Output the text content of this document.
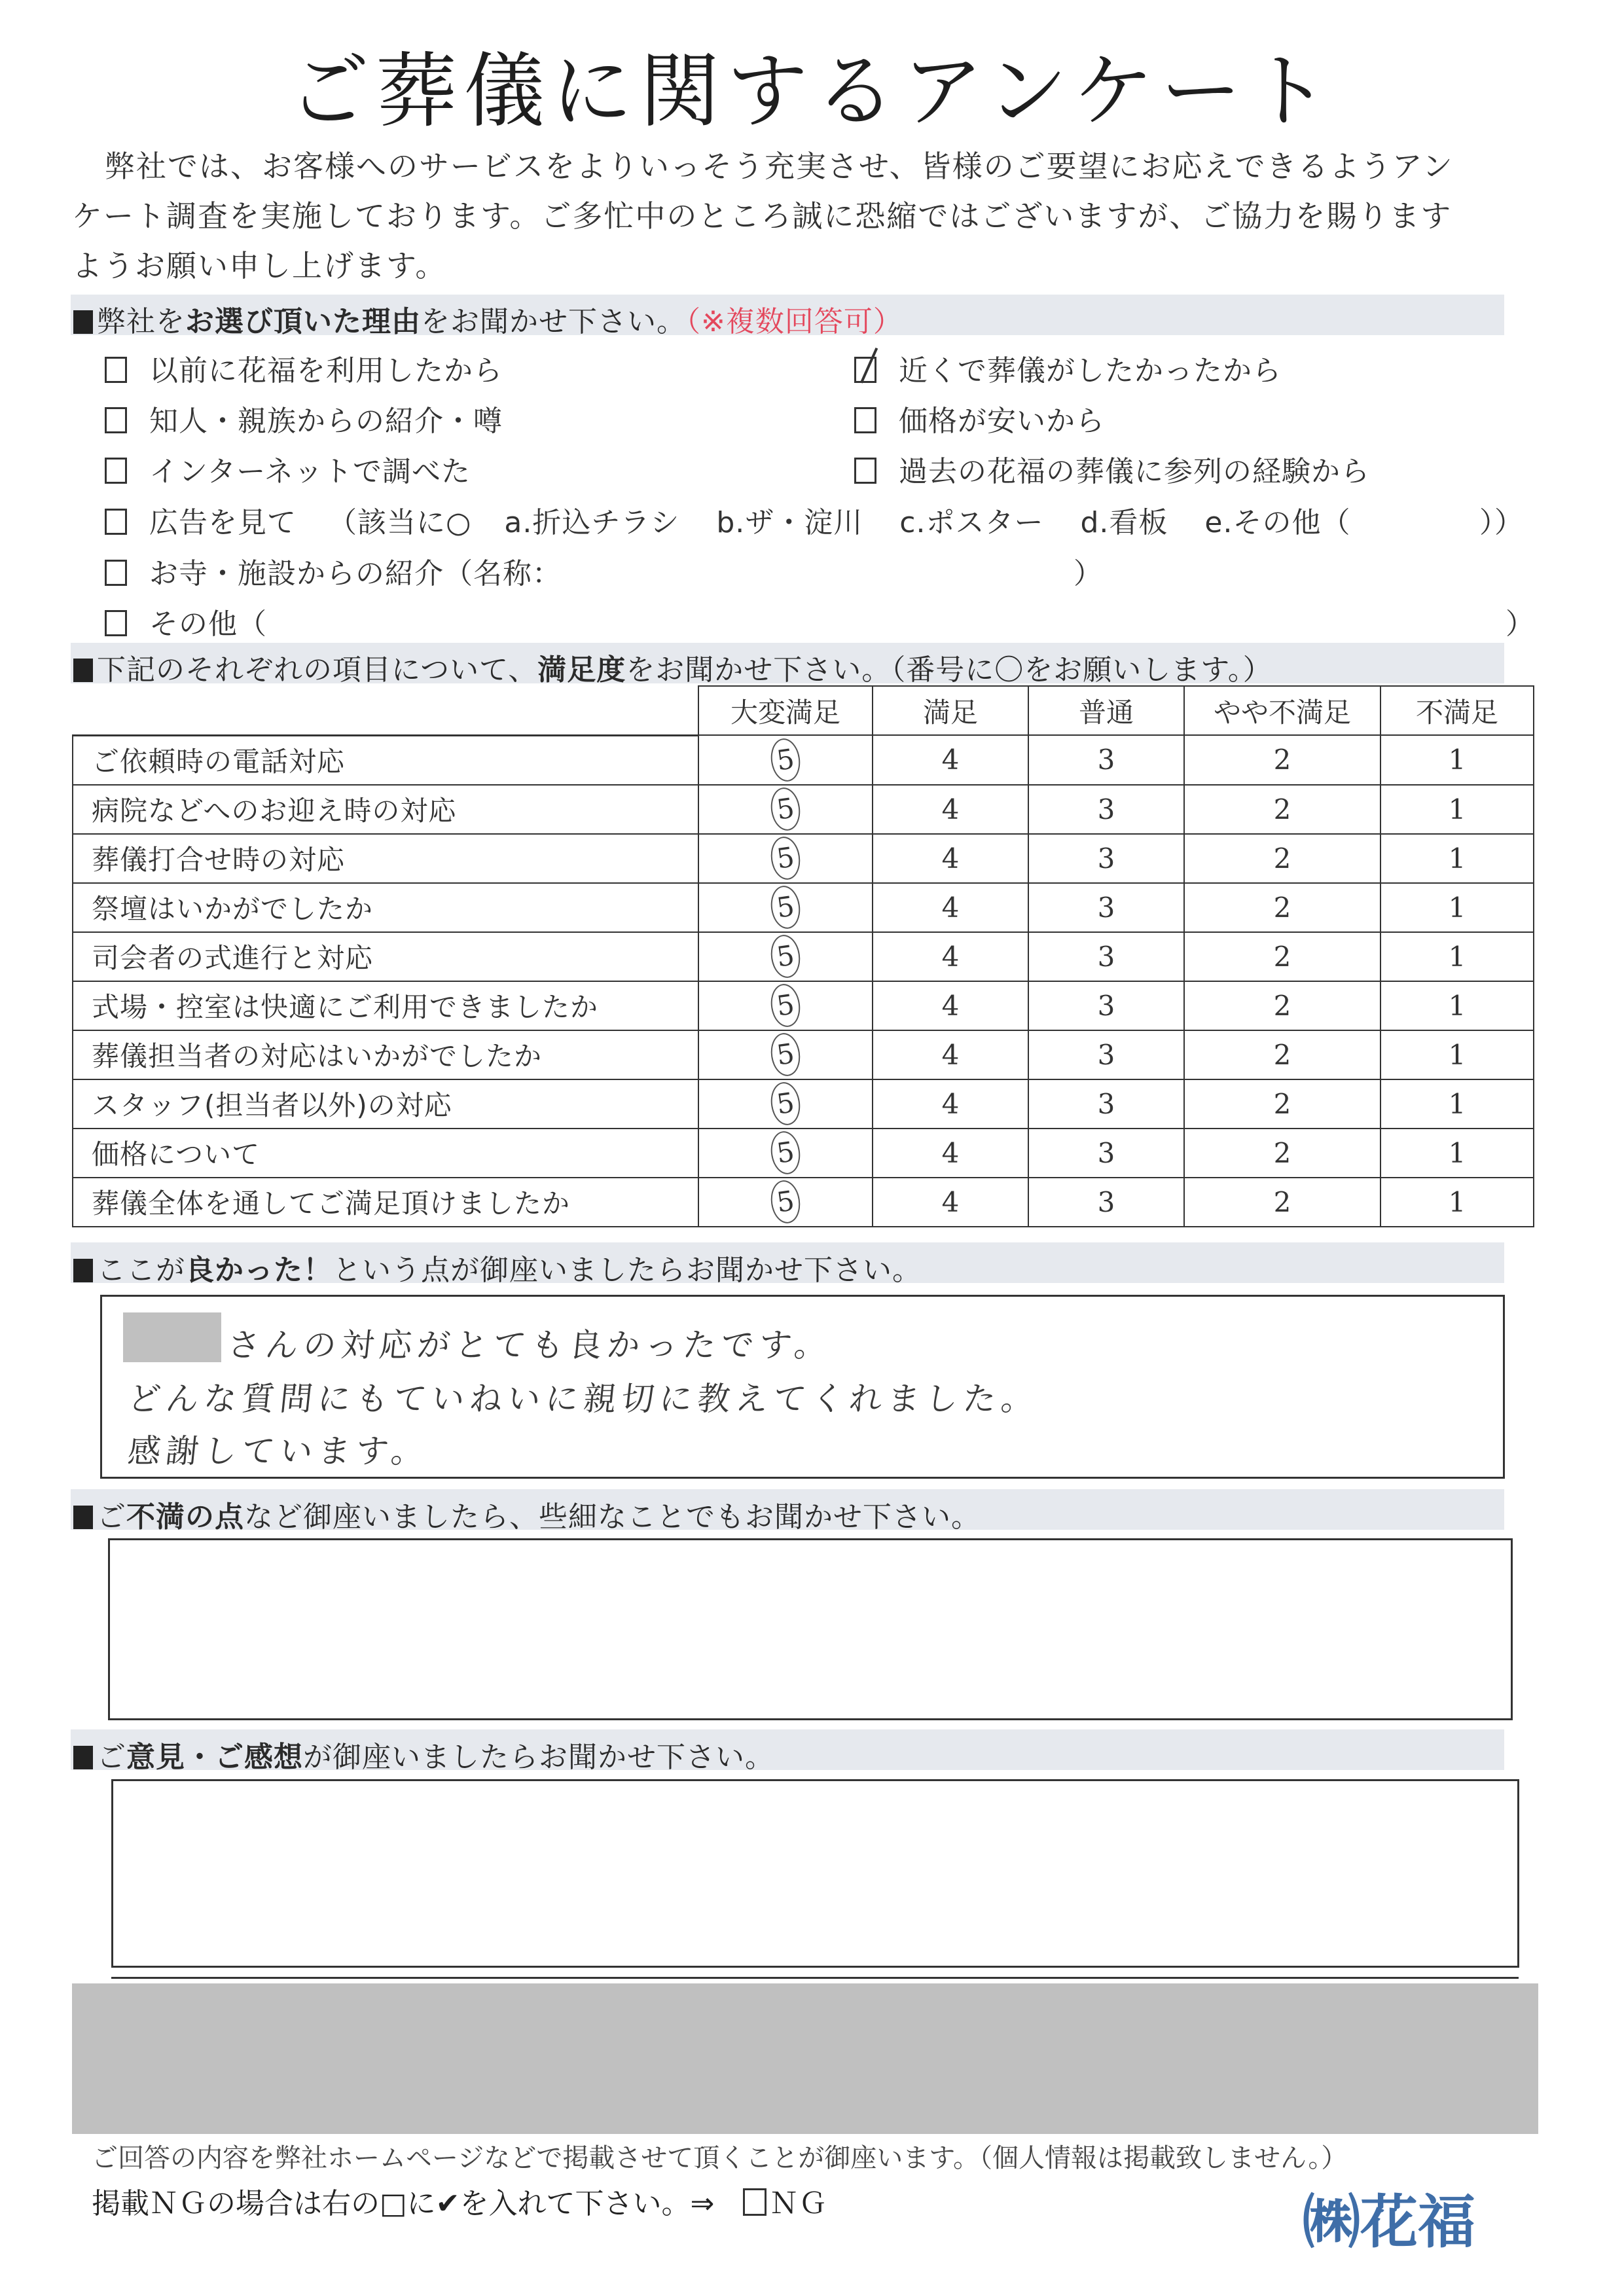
ご葬儀に関するアンケート
弊社では、お客様へのサービスをよりいっそう充実させ、皆様のご要望にお応えできるようアン
ケート調査を実施しております。ご多忙中のところ誠に恐縮ではございますが、ご協力を賜ります
ようお願い申し上げます。
弊社をお選び頂いた理由をお聞かせ下さい。（※複数回答可）
以前に花福を利用したから
知人・親族からの紹介・噂
インターネットで調べた
近くで葬儀がしたかったから
価格が安いから
過去の花福の葬儀に参列の経験から
広告を見て （該当に○ a.折込チラシ b.ザ・淀川 c.ポスター d.看板 e.その他（	））
お寺・施設からの紹介（名称：	）
その他（	）
下記のそれぞれの項目について、満足度をお聞かせ下さい。（番号に〇をお願いします。）
	大変満足	満足	普通	やや不満足	不満足
ご依頼時の電話対応	5	4	3	2	1
病院などへのお迎え時の対応	5	4	3	2	1
葬儀打合せ時の対応	5	4	3	2	1
祭壇はいかがでしたか	5	4	3	2	1
司会者の式進行と対応	5	4	3	2	1
式場・控室は快適にご利用できましたか	5	4	3	2	1
葬儀担当者の対応はいかがでしたか	5	4	3	2	1
スタッフ(担当者以外)の対応	5	4	3	2	1
価格について	5	4	3	2	1
葬儀全体を通してご満足頂けましたか	5	4	3	2	1
ここが良かった！という点が御座いましたらお聞かせ下さい。
さんの対応がとても良かったです。
どんな質問にもていねいに親切に教えてくれました。
感謝しています。
ご不満の点など御座いましたら、些細なことでもお聞かせ下さい。
ご意見・ご感想が御座いましたらお聞かせ下さい。
ご回答の内容を弊社ホームページなどで掲載させて頂くことが御座います。（個人情報は掲載致しません。）
掲載ＮＧの場合は右の□に✔を入れて下さい。⇒　ＮＧ	㈱花福
